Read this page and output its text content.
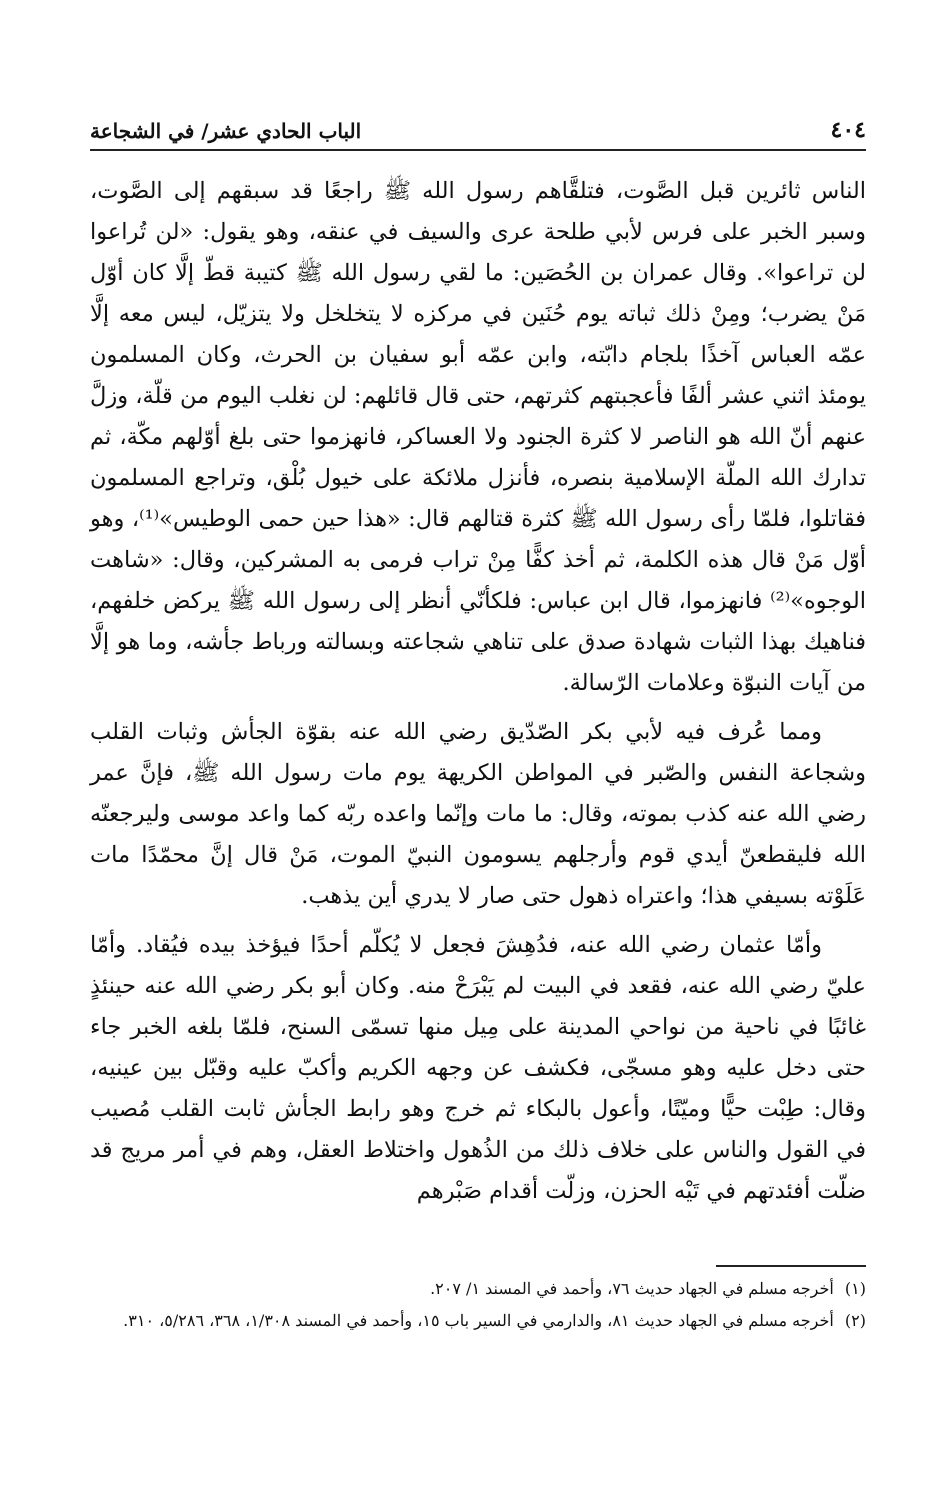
٤٠٤
الباب الحادي عشر/ في الشجاعة

الناس ثائرين قبل الصَّوت، فتلقَّاهم رسول الله ﷺ راجعًا قد سبقهم إلى الصَّوت، وسبر الخبر على فرس لأبي طلحة عرى والسيف في عنقه، وهو يقول: «لن تُراعوا لن تراعوا». وقال عمران بن الحُصَين: ما لقي رسول الله ﷺ كتيبة قطّ إلَّا كان أوّل مَنْ يضرب؛ ومِنْ ذلك ثباته يوم حُنَين في مركزه لا يتخلخل ولا يتزيّل، ليس معه إلَّا عمّه العباس آخذًا بلجام دابّته، وابن عمّه أبو سفيان بن الحرث، وكان المسلمون يومئذ اثني عشر ألفًا فأعجبتهم كثرتهم، حتى قال قائلهم: لن نغلب اليوم من قلّة، وزلَّ عنهم أنّ الله هو الناصر لا كثرة الجنود ولا العساكر، فانهزموا حتى بلغ أوّلهم مكّة، ثم تدارك الله الملّة الإسلامية بنصره، فأنزل ملائكة على خيول بُلْق، وتراجع المسلمون فقاتلوا، فلمّا رأى رسول الله ﷺ كثرة قتالهم قال: «هذا حين حمى الوطيس»⁽¹⁾، وهو أوّل مَنْ قال هذه الكلمة، ثم أخذ كفًّا مِنْ تراب فرمى به المشركين، وقال: «شاهت الوجوه»⁽²⁾ فانهزموا، قال ابن عباس: فلكأنّي أنظر إلى رسول الله ﷺ يركض خلفهم، فناهيك بهذا الثبات شهادة صدق على تناهي شجاعته وبسالته ورباط جأشه، وما هو إلَّا من آيات النبوّة وعلامات الرّسالة.

ومما عُرف فيه لأبي بكر الصّدّيق رضي الله عنه بقوّة الجأش وثبات القلب وشجاعة النفس والصّبر في المواطن الكريهة يوم مات رسول الله ﷺ، فإنَّ عمر رضي الله عنه كذب بموته، وقال: ما مات وإنّما واعده ربّه كما واعد موسى وليرجعنّه الله فليقطعنّ أيدي قوم وأرجلهم يسومون النبيّ الموت، مَنْ قال إنَّ محمّدًا مات عَلَوْته بسيفي هذا؛ واعتراه ذهول حتى صار لا يدري أين يذهب.

وأمّا عثمان رضي الله عنه، فدُهِشَ فجعل لا يُكلّم أحدًا فيؤخذ بيده فيُقاد. وأمّا عليّ رضي الله عنه، فقعد في البيت لم يَبْرَحْ منه. وكان أبو بكر رضي الله عنه حينئذٍ غائبًا في ناحية من نواحي المدينة على مِيل منها تسمّى السنح، فلمّا بلغه الخبر جاء حتى دخل عليه وهو مسجّى، فكشف عن وجهه الكريم وأكبّ عليه وقبّل بين عينيه، وقال: طِبْت حيًّا وميّتًا، وأعول بالبكاء ثم خرج وهو رابط الجأش ثابت القلب مُصيب في القول والناس على خلاف ذلك من الذُهول واختلاط العقل، وهم في أمر مريج قد ضلّت أفئدتهم في تَيْه الحزن، وزلّت أقدام صَبْرهم

(١) أخرجه مسلم في الجهاد حديث ٧٦، وأحمد في المسند ١/ ٢٠٧.

(٢) أخرجه مسلم في الجهاد حديث ٨١، والدارمي في السير باب ١٥، وأحمد في المسند ١/٣٠٨، ٣٦٨، ٥/٢٨٦، ٣١٠.
